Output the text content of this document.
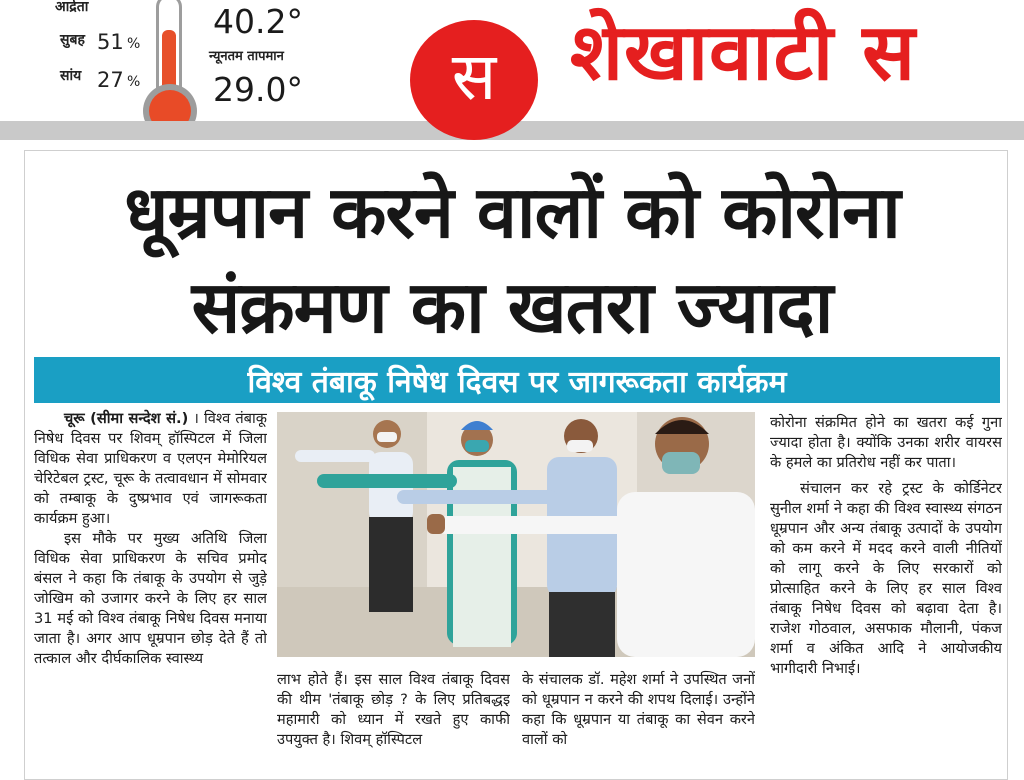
आर्द्रता
सुबह 51 %
सांय 27 %
40.2°
न्यूनतम तापमान
29.0° स शेखावाटी स
धूम्रपान करने वालों को कोरोना
संक्रमण का खतरा ज्यादा
विश्व तंबाकू निषेध दिवस पर जागरूकता कार्यक्रम

चूरू (सीमा सन्देश सं.) । विश्व तंबाकू निषेध दिवस पर शिवम् हॉस्पिटल में जिला विधिक सेवा प्राधिकरण व एलएन मेमोरियल चेरिटेबल ट्रस्ट, चूरू के तत्वावधान में सोमवार को तम्बाकू के दुष्प्रभाव एवं जागरूकता कार्यक्रम हुआ।

इस मौके पर मुख्य अतिथि जिला विधिक सेवा प्राधिकरण के सचिव प्रमोद बंसल ने कहा कि तंबाकू के उपयोग से जुड़े जोखिम को उजागर करने के लिए हर साल 31 मई को विश्व तंबाकू निषेध दिवस मनाया जाता है। अगर आप धूम्रपान छोड़ देते हैं तो तत्काल और दीर्घकालिक स्वास्थ्य

लाभ होते हैं। इस साल विश्व तंबाकू दिवस की थीम 'तंबाकू छोड़ ? के लिए प्रतिबद्धइ महामारी को ध्यान में रखते हुए काफी उपयुक्त है। शिवम् हॉस्पिटल

के संचालक डॉ. महेश शर्मा ने उपस्थित जनों को धूम्रपान न करने की शपथ दिलाई। उन्होंने कहा कि धूम्रपान या तंबाकू का सेवन करने वालों को

कोरोना संक्रमित होने का खतरा कई गुना ज्यादा होता है। क्योंकि उनका शरीर वायरस के हमले का प्रतिरोध नहीं कर पाता।

संचालन कर रहे ट्रस्ट के कोर्डिनेटर सुनील शर्मा ने कहा की विश्व स्वास्थ्य संगठन धूम्रपान और अन्य तंबाकू उत्पादों के उपयोग को कम करने में मदद करने वाली नीतियों को लागू करने के लिए सरकारों को प्रोत्साहित करने के लिए हर साल विश्व तंबाकू निषेध दिवस को बढ़ावा देता है। राजेश गोठवाल, असफाक मौलानी, पंकज शर्मा व अंकित आदि ने आयोजकीय भागीदारी निभाई।
